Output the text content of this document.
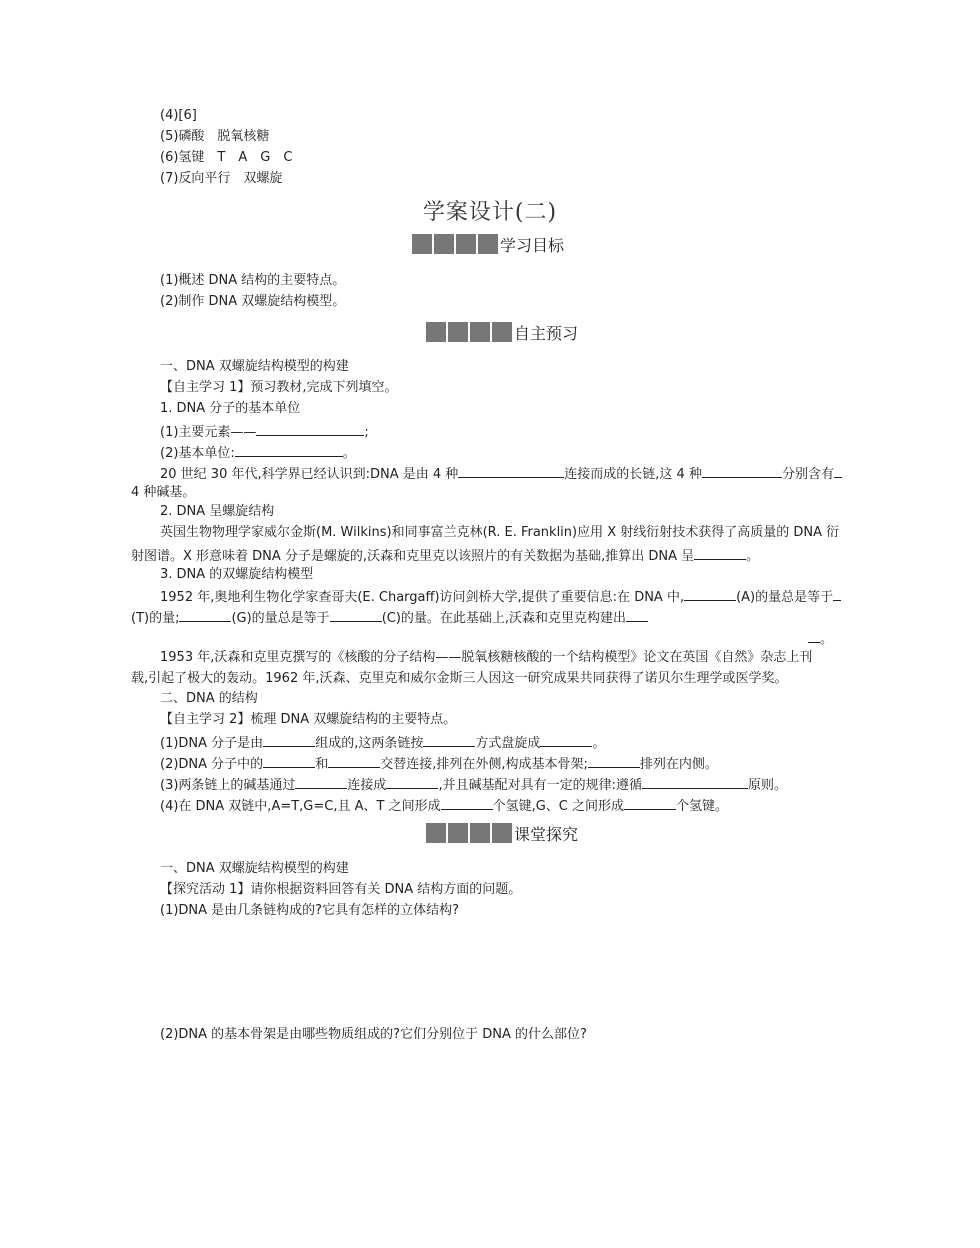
(4)[6]
(5)磷酸　脱氧核糖
(6)氢键　T　A　G　C
(7)反向平行　双螺旋
学案设计(二)
学习目标
(1)概述 DNA 结构的主要特点。
(2)制作 DNA 双螺旋结构模型。
自主预习
一、DNA 双螺旋结构模型的构建
【自主学习 1】预习教材,完成下列填空。
1. DNA 分子的基本单位
(1)主要元素——	;
(2)基本单位:	。
20 世纪 30 年代,科学界已经认识到:DNA 是由 4 种	连接而成的长链,这 4 种	分别含有
4 种碱基。
2. DNA 呈螺旋结构
英国生物物理学家威尔金斯(M. Wilkins)和同事富兰克林(R. E. Franklin)应用 X 射线衍射技术获得了高质量的 DNA 衍
射图谱。X 形意味着 DNA 分子是螺旋的,沃森和克里克以该照片的有关数据为基础,推算出 DNA 呈	。
3. DNA 的双螺旋结构模型
1952 年,奥地利生物化学家查哥夫(E. Chargaff)访问剑桥大学,提供了重要信息:在 DNA 中,	(A)的量总是等于
(T)的量;	(G)的量总是等于	(C)的量。在此基础上,沃森和克里克构建出
。
1953 年,沃森和克里克撰写的《核酸的分子结构——脱氧核糖核酸的一个结构模型》论文在英国《自然》杂志上刊
载,引起了极大的轰动。1962 年,沃森、克里克和威尔金斯三人因这一研究成果共同获得了诺贝尔生理学或医学奖。
二、DNA 的结构
【自主学习 2】梳理 DNA 双螺旋结构的主要特点。
(1)DNA 分子是由	组成的,这两条链按	方式盘旋成	。
(2)DNA 分子中的	和	交替连接,排列在外侧,构成基本骨架;	排列在内侧。
(3)两条链上的碱基通过	连接成	,并且碱基配对具有一定的规律:遵循	原则。
(4)在 DNA 双链中,A=T,G=C,且 A、T 之间形成	个氢键,G、C 之间形成	个氢键。
课堂探究
一、DNA 双螺旋结构模型的构建
【探究活动 1】请你根据资料回答有关 DNA 结构方面的问题。
(1)DNA 是由几条链构成的?它具有怎样的立体结构?
(2)DNA 的基本骨架是由哪些物质组成的?它们分别位于 DNA 的什么部位?
